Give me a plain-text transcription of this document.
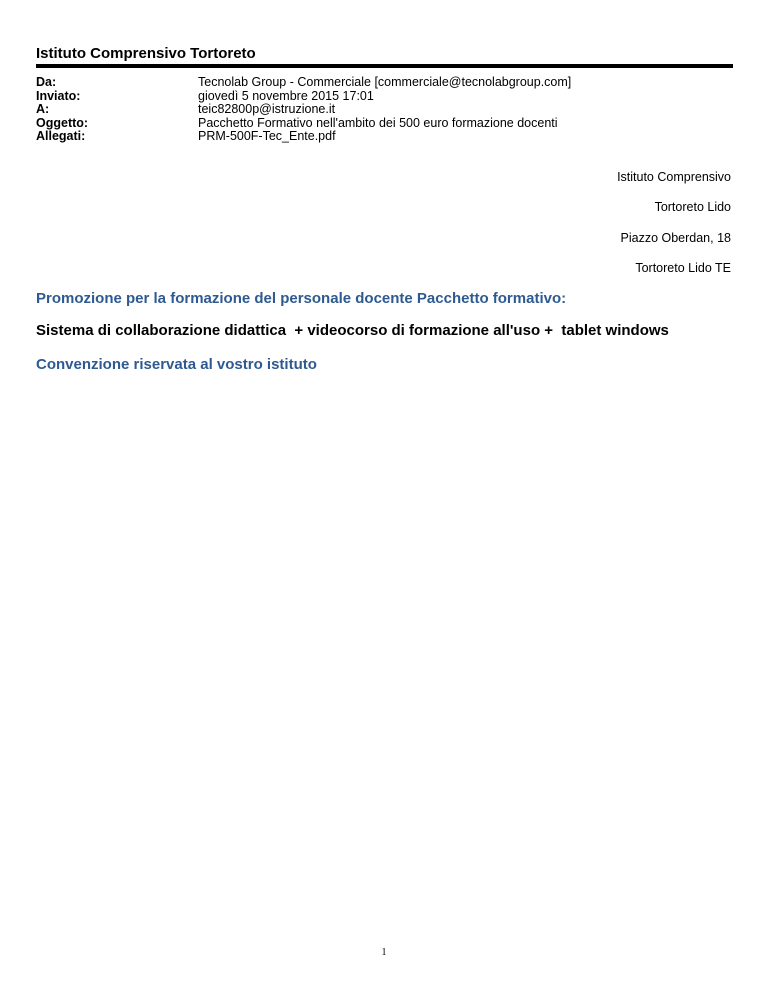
Istituto Comprensivo Tortoreto
Da:	Tecnolab Group - Commerciale [commerciale@tecnolabgroup.com]
Inviato:	giovedì 5 novembre 2015 17:01
A:	teic82800p@istruzione.it
Oggetto:	Pacchetto Formativo nell'ambito dei 500 euro formazione docenti
Allegati:	PRM-500F-Tec_Ente.pdf
Istituto Comprensivo
Tortoreto Lido
Piazzo Oberdan, 18
Tortoreto Lido TE
Promozione per la formazione del personale docente Pacchetto formativo:
Sistema di collaborazione didattica  + videocorso di formazione all'uso +  tablet windows
Convenzione riservata al vostro istituto
1
